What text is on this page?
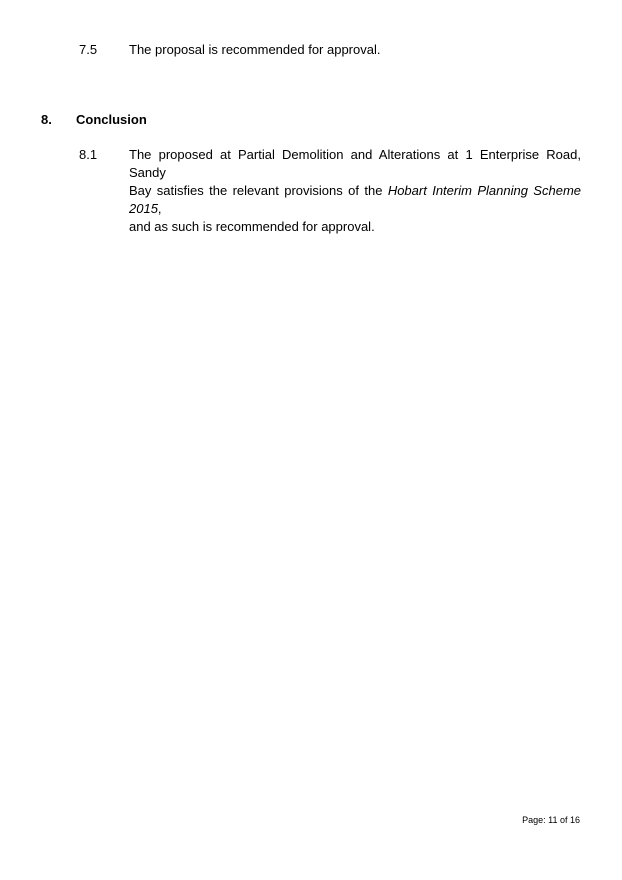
7.5 The proposal is recommended for approval.
8. Conclusion
8.1 The proposed at Partial Demolition and Alterations at 1 Enterprise Road, Sandy
Bay satisfies the relevant provisions of the Hobart Interim Planning Scheme 2015,
and as such is recommended for approval.
Page: 11 of 16
